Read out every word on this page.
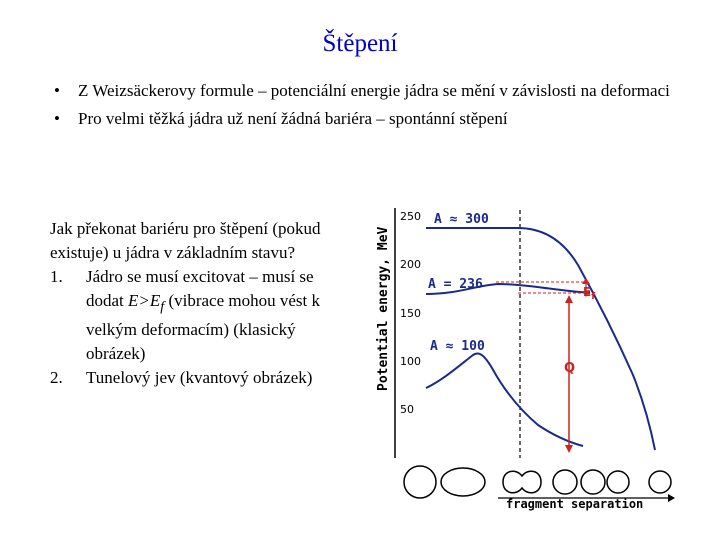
Štěpení
• Z Weizsäckerovy formule – potenciální energie jádra se mění v závislosti na deformaci
• Pro velmi těžká jádra už není žádná bariéra – spontánní stěpení

Jak překonat bariéru pro štěpení (pokud existuje) u jádra v základním stavu?

1. Jádro se musí excitovat – musí se dodat $E>E_f$ (vibrace mohou vést k velkým deformacím) (klasický obrázek)
2. Tunelový jev (kvantový obrázek)	Potential energy, MeV
250
200
150
100
50
$E_f$
Q
A ≈ 300
A = 236
A ≈ 100
fragment separation
